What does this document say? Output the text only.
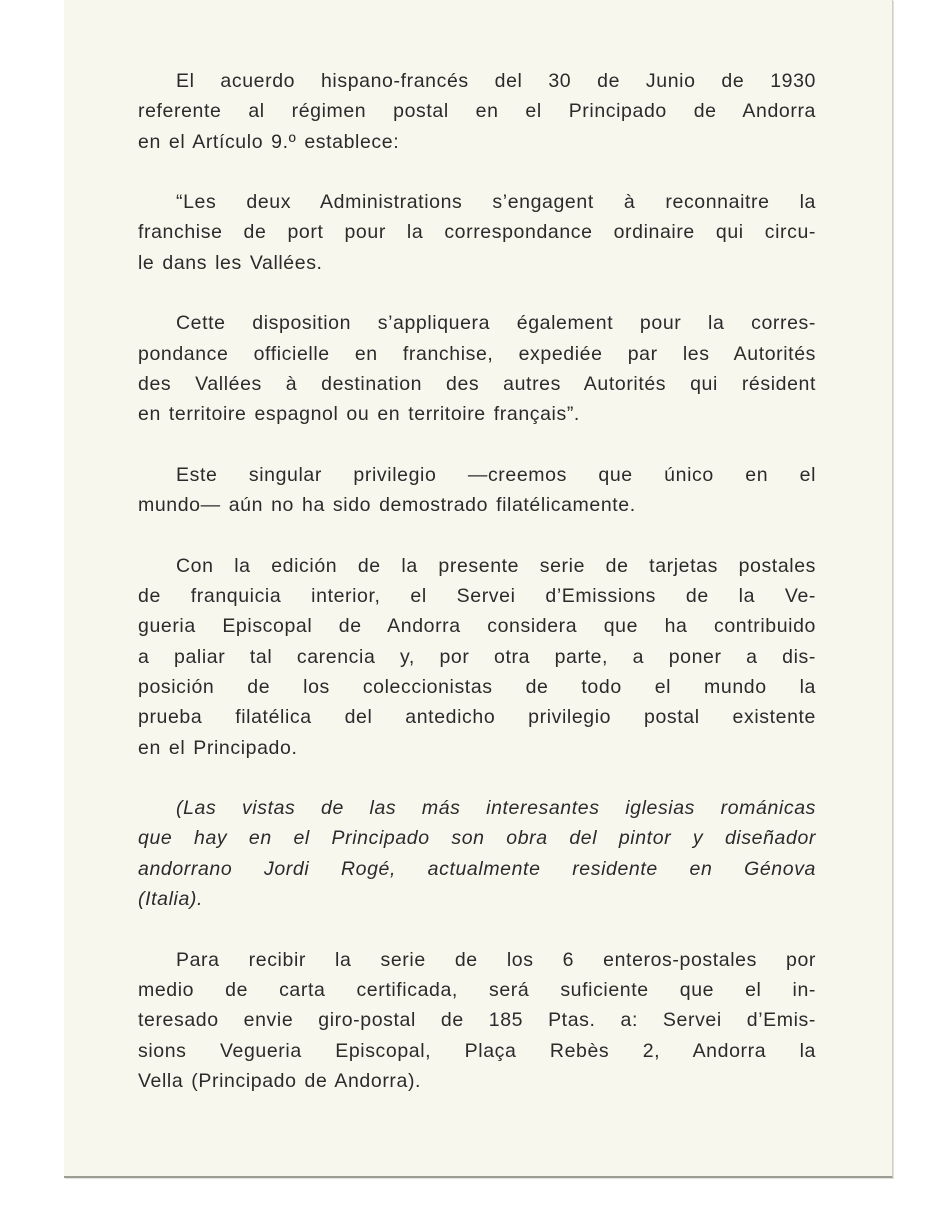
El acuerdo hispano-francés del 30 de Junio de 1930
referente al régimen postal en el Principado de Andorra
en el Artículo 9.º establece:

“Les deux Administrations s’engagent à reconnaitre la
franchise de port pour la correspondance ordinaire qui circu-
le dans les Vallées.

Cette disposition s’appliquera également pour la corres-
pondance officielle en franchise, expediée par les Autorités
des Vallées à destination des autres Autorités qui résident
en territoire espagnol ou en territoire français”.

Este singular privilegio —creemos que único en el
mundo— aún no ha sido demostrado filatélicamente.

Con la edición de la presente serie de tarjetas postales
de franquicia interior, el Servei d’Emissions de la Ve-
gueria Episcopal de Andorra considera que ha contribuido
a paliar tal carencia y, por otra parte, a poner a dis-
posición de los coleccionistas de todo el mundo la
prueba filatélica del antedicho privilegio postal existente
en el Principado.

(Las vistas de las más interesantes iglesias románicas
que hay en el Principado son obra del pintor y diseñador
andorrano Jordi Rogé, actualmente residente en Génova
(Italia).

Para recibir la serie de los 6 enteros-postales por
medio de carta certificada, será suficiente que el in-
teresado envie giro-postal de 185 Ptas. a: Servei d’Emis-
sions Vegueria Episcopal, Plaça Rebès 2, Andorra la
Vella (Principado de Andorra).
